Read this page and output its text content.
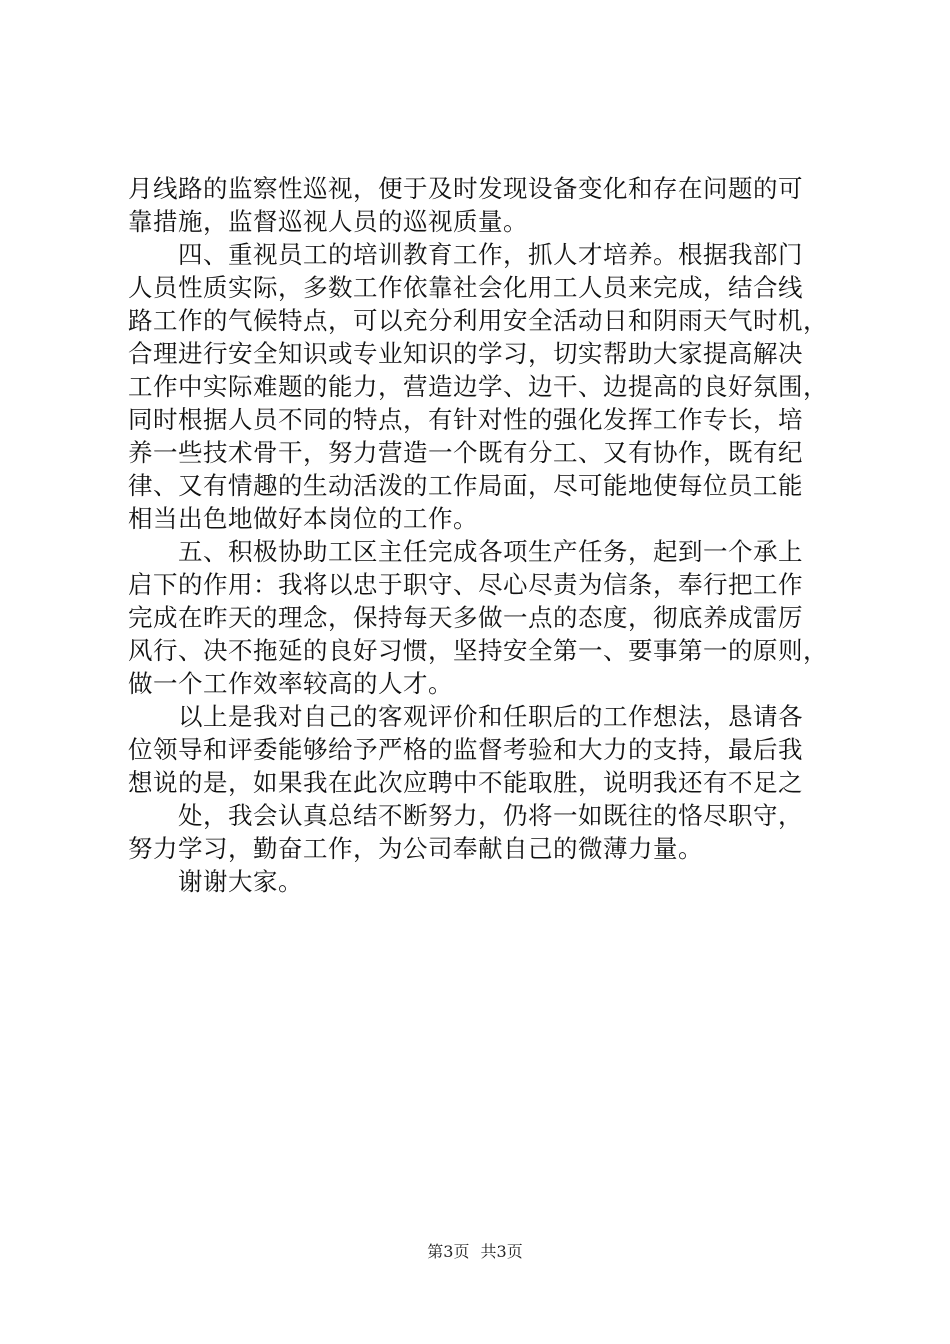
月线路的监察性巡视，便于及时发现设备变化和存在问题的可
靠措施，监督巡视人员的巡视质量。
四、重视员工的培训教育工作，抓人才培养。根据我部门
人员性质实际，多数工作依靠社会化用工人员来完成，结合线
路工作的气候特点，可以充分利用安全活动日和阴雨天气时机，
合理进行安全知识或专业知识的学习，切实帮助大家提高解决
工作中实际难题的能力，营造边学、边干、边提高的良好氛围，
同时根据人员不同的特点，有针对性的强化发挥工作专长，培
养一些技术骨干，努力营造一个既有分工、又有协作，既有纪
律、又有情趣的生动活泼的工作局面，尽可能地使每位员工能
相当出色地做好本岗位的工作。
五、积极协助工区主任完成各项生产任务，起到一个承上
启下的作用：我将以忠于职守、尽心尽责为信条，奉行把工作
完成在昨天的理念，保持每天多做一点的态度，彻底养成雷厉
风行、决不拖延的良好习惯，坚持安全第一、要事第一的原则，
做一个工作效率较高的人才。
以上是我对自己的客观评价和任职后的工作想法，恳请各
位领导和评委能够给予严格的监督考验和大力的支持，最后我
想说的是，如果我在此次应聘中不能取胜，说明我还有不足之
处，我会认真总结不断努力，仍将一如既往的恪尽职守，
努力学习，勤奋工作，为公司奉献自己的微薄力量。
谢谢大家。
第3页 共3页
